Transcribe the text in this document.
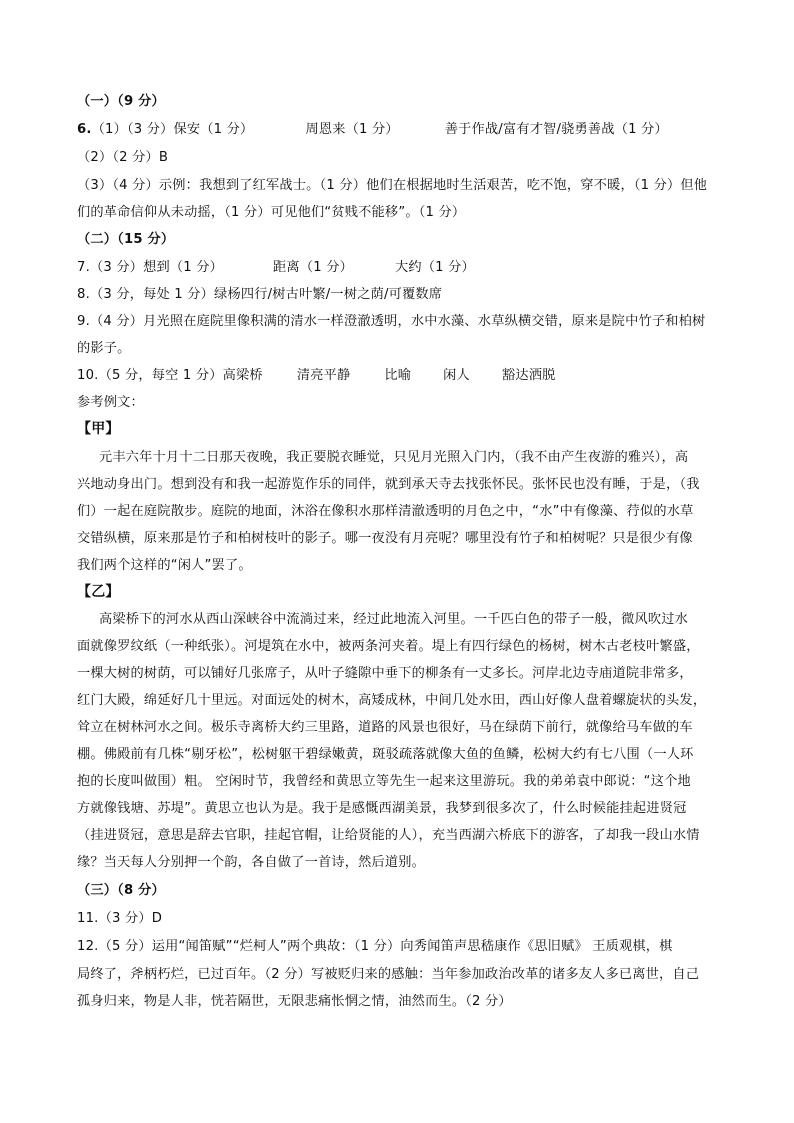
（一）（9 分）
6.（1）（3 分）保安（1 分）	周恩来（1 分）	善于作战/富有才智/骁勇善战（1 分）
（2）（2 分）B
（3）（4 分）示例：我想到了红军战士。（1 分）他们在根据地时生活艰苦，吃不饱，穿不暖，（1 分）但他
们的革命信仰从未动摇，（1 分）可见他们“贫贱不能移”。（1 分）
（二）（15 分）
7.（3 分）想到（1 分）	距离（1 分）	大约（1 分）
8.（3 分，每处 1 分）绿杨四行/树古叶繁/一树之荫/可覆数席
9.（4 分）月光照在庭院里像积满的清水一样澄澈透明，水中水藻、水草纵横交错，原来是院中竹子和柏树
的影子。
10.（5 分，每空 1 分）高梁桥	清亮平静	比喻 闲人 豁达洒脱
参考例文：
【甲】
元丰六年十月十二日那天夜晚，我正要脱衣睡觉，只见月光照入门内，（我不由产生夜游的雅兴），高
兴地动身出门。想到没有和我一起游览作乐的同伴，就到承天寺去找张怀民。张怀民也没有睡，于是，（我
们）一起在庭院散步。庭院的地面，沐浴在像积水那样清澈透明的月色之中，“水”中有像藻、荇似的水草
交错纵横，原来那是竹子和柏树枝叶的影子。哪一夜没有月亮呢？哪里没有竹子和柏树呢？只是很少有像
我们两个这样的“闲人”罢了。
【乙】
高梁桥下的河水从西山深峡谷中流淌过来，经过此地流入河里。一千匹白色的带子一般，微风吹过水
面就像罗纹纸（一种纸张）。河堤筑在水中，被两条河夹着。堤上有四行绿色的杨树，树木古老枝叶繁盛，
一棵大树的树荫，可以铺好几张席子，从叶子缝隙中垂下的柳条有一丈多长。河岸北边寺庙道院非常多，
红门大殿，绵延好几十里远。对面远处的树木，高矮成林，中间几处水田，西山好像人盘着螺旋状的头发，
耸立在树林河水之间。极乐寺离桥大约三里路，道路的风景也很好，马在绿荫下前行，就像给马车做的车
棚。佛殿前有几株“剔牙松”，松树躯干碧绿嫩黄，斑驳疏落就像大鱼的鱼鳞，松树大约有七八围（一人环
抱的长度叫做围）粗。 空闲时节，我曾经和黄思立等先生一起来这里游玩。我的弟弟袁中郎说：“这个地
方就像钱塘、苏堤”。黄思立也认为是。我于是感慨西湖美景，我梦到很多次了，什么时候能挂起进贤冠
（挂进贤冠，意思是辞去官职，挂起官帽，让给贤能的人），充当西湖六桥底下的游客，了却我一段山水情
缘？当天每人分别押一个韵，各自做了一首诗，然后道别。
（三）（8 分）
11.（3 分）D
12.（5 分）运用“闻笛赋”“烂柯人”两个典故：（1 分）向秀闻笛声思嵇康作《思旧赋》 王质观棋，棋
局终了，斧柄朽烂，已过百年。（2 分）写被贬归来的感触：当年参加政治改革的诸多友人多已离世，自己
孤身归来，物是人非，恍若隔世，无限悲痛怅惘之情，油然而生。（2 分）
